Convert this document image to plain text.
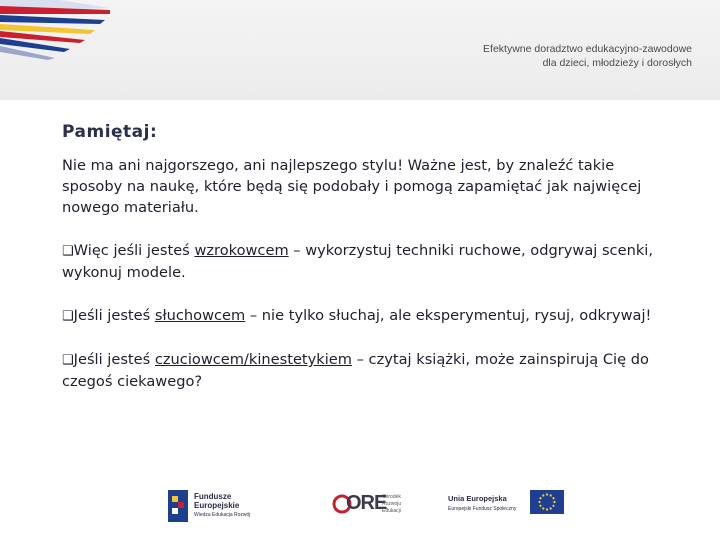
Efektywne doradztwo edukacyjno-zawodowe
dla dzieci, młodzieży i dorosłych
Pamiętaj:
Nie ma ani najgorszego, ani najlepszego stylu! Ważne jest, by znaleźć takie sposoby na naukę, które będą się podobały i pomogą zapamiętać jak najwięcej nowego materiału.
❑Więc jeśli jesteś wzrokowcem – wykorzystuj techniki ruchowe, odgrywaj scenki, wykonuj modele.
❑Jeśli jesteś słuchowcem – nie tylko słuchaj, ale eksperymentuj, rysuj, odkrywaj!
❑Jeśli jesteś czuciowcem/kinestetykiem – czytaj książki, może zainspirują Cię do czegoś ciekawego?
Fundusze
Europejskie
Wiedza Edukacja Rozwój
ORE
Ośrodek
Rozwoju
Edukacji
Unia Europejska
Europejski Fundusz Społeczny
